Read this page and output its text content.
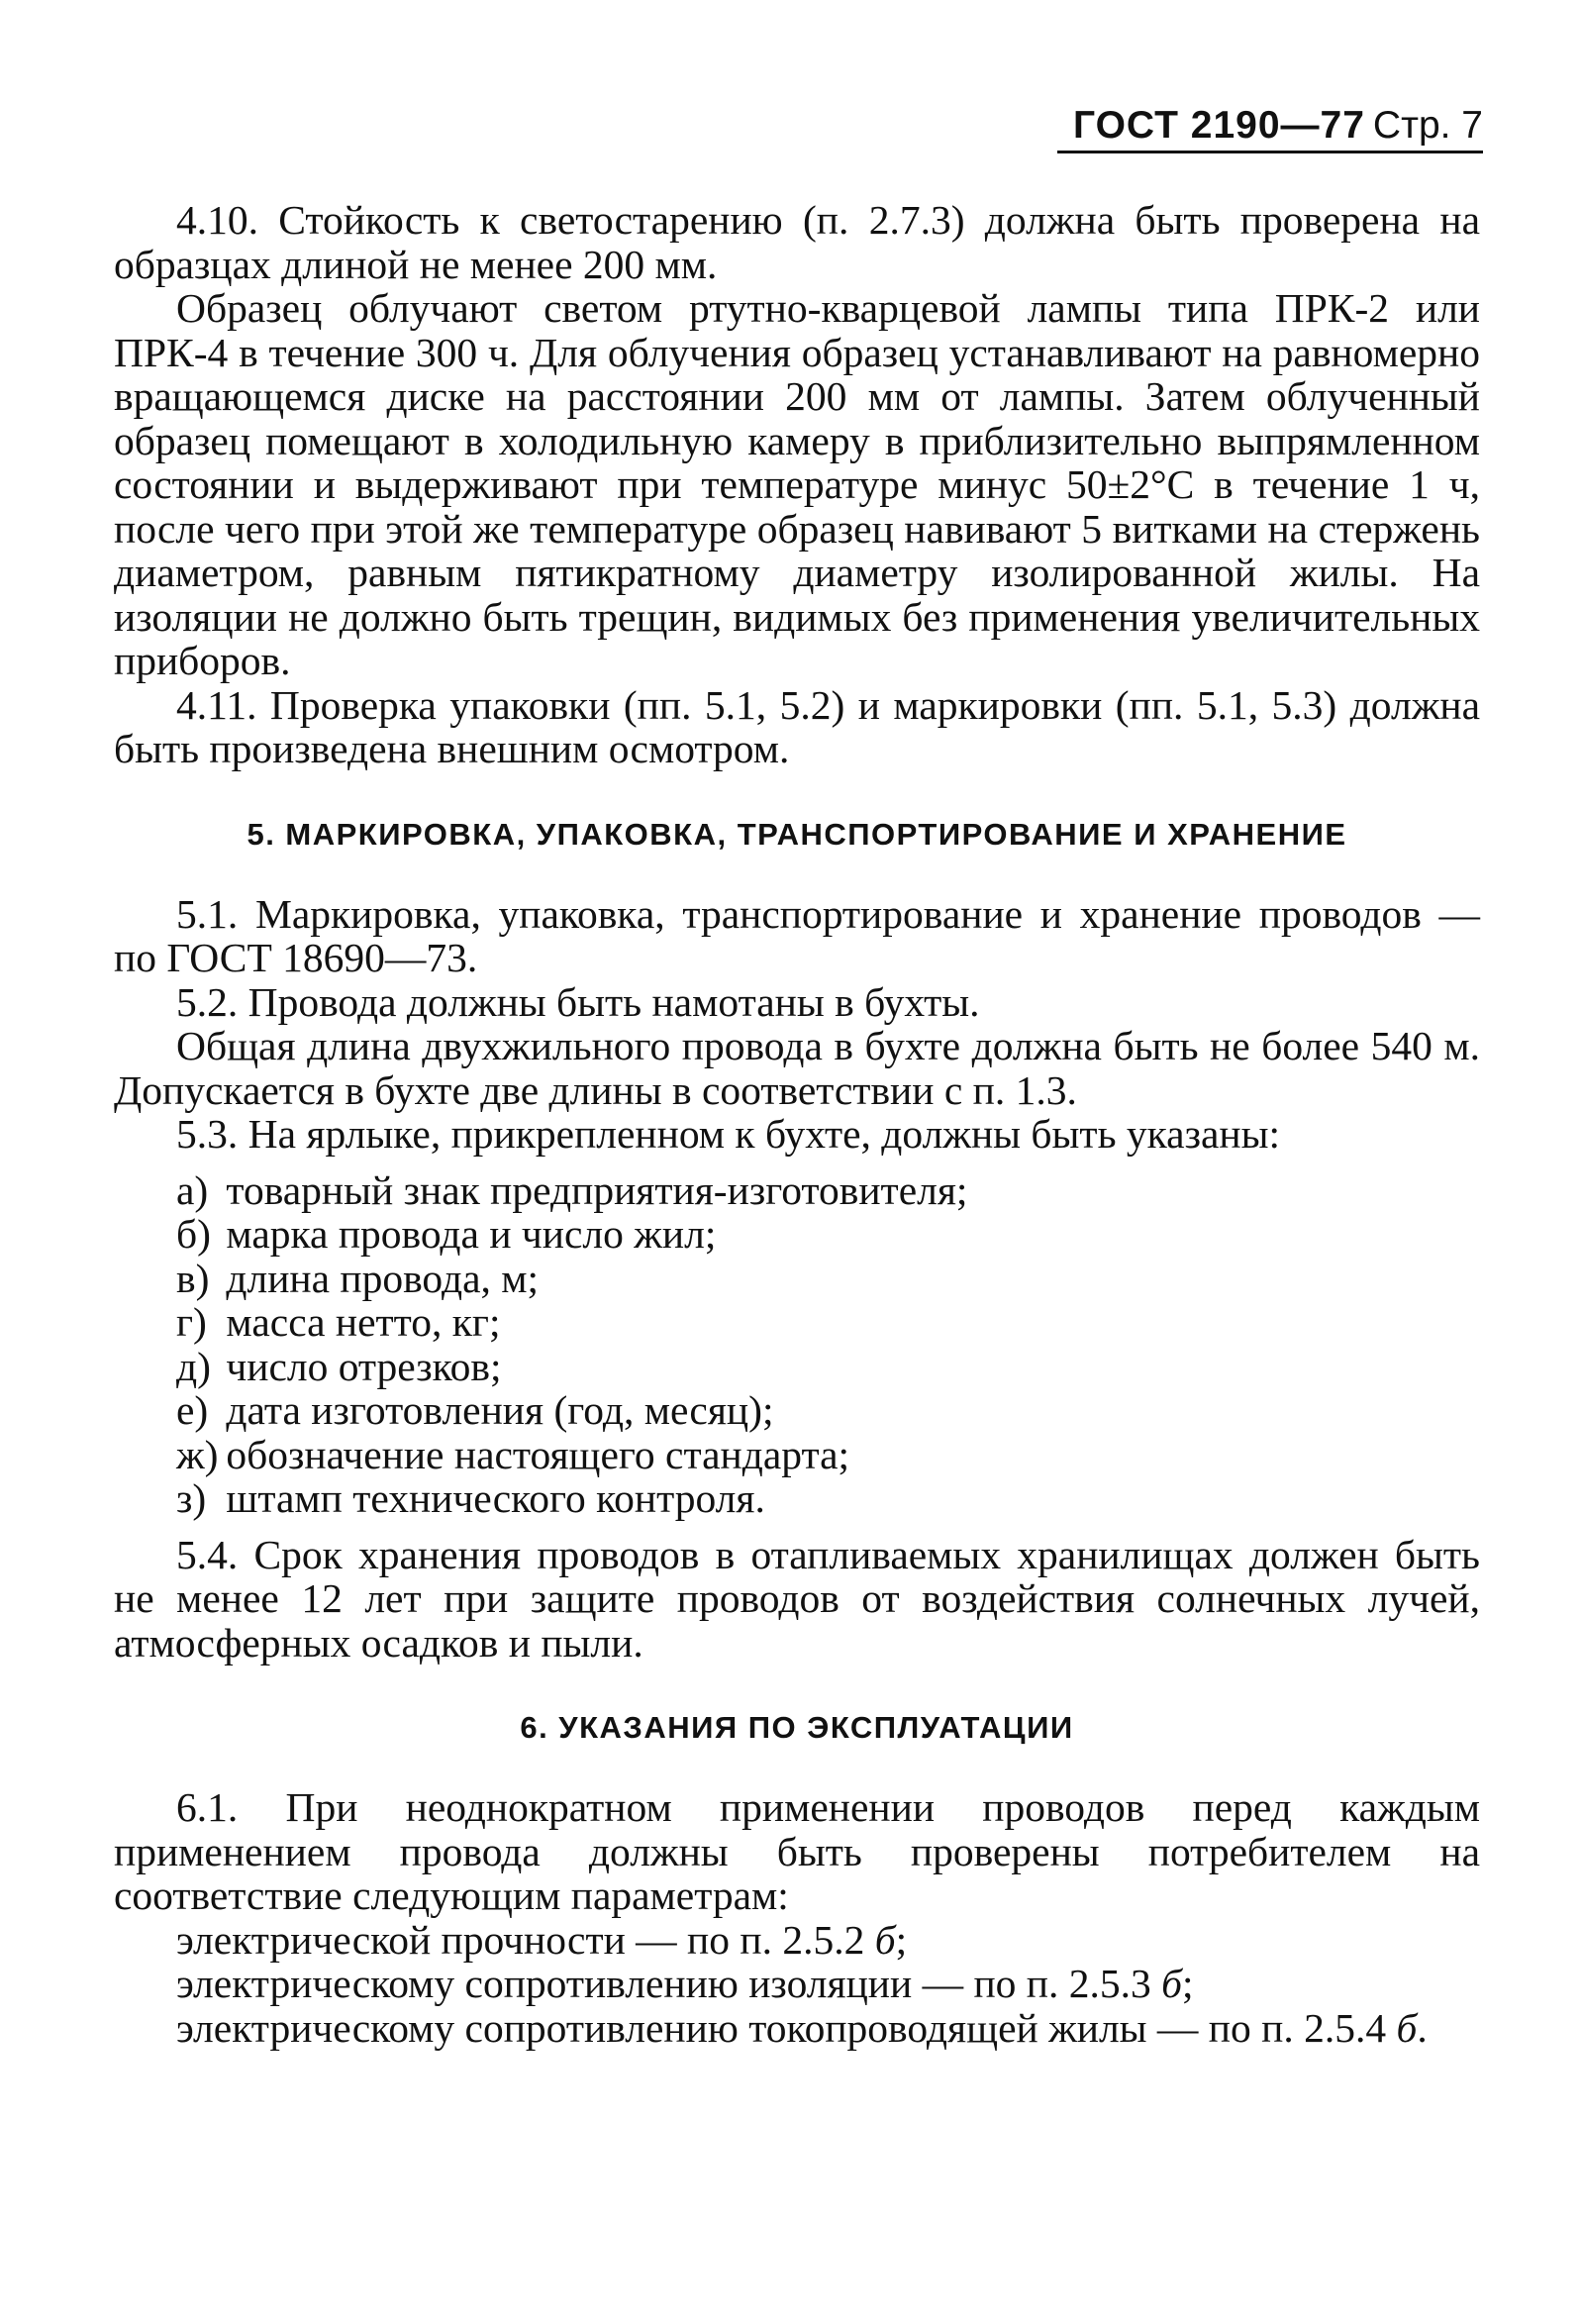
ГОСТ 2190—77 Стр. 7

4.10. Стойкость к светостарению (п. 2.7.3) должна быть проверена на образцах длиной не менее 200 мм.

Образец облучают светом ртутно-кварцевой лампы типа ПРК-2 или ПРК-4 в течение 300 ч. Для облучения образец устанавливают на равномерно вращающемся диске на расстоянии 200 мм от лампы. Затем облученный образец помещают в холодильную камеру в приблизительно выпрямленном состоянии и выдерживают при температуре минус 50±2°C в течение 1 ч, после чего при этой же температуре образец навивают 5 витками на стержень диаметром, равным пятикратному диаметру изолированной жилы. На изоляции не должно быть трещин, видимых без применения увеличительных приборов.

4.11. Проверка упаковки (пп. 5.1, 5.2) и маркировки (пп. 5.1, 5.3) должна быть произведена внешним осмотром.

5. МАРКИРОВКА, УПАКОВКА, ТРАНСПОРТИРОВАНИЕ И ХРАНЕНИЕ

5.1. Маркировка, упаковка, транспортирование и хранение проводов — по ГОСТ 18690—73.

5.2. Провода должны быть намотаны в бухты.

Общая длина двухжильного провода в бухте должна быть не более 540 м. Допускается в бухте две длины в соответствии с п. 1.3.

5.3. На ярлыке, прикрепленном к бухте, должны быть указаны:

а) товарный знак предприятия-изготовителя;
б) марка провода и число жил;
в) длина провода, м;
г) масса нетто, кг;
д) число отрезков;
е) дата изготовления (год, месяц);
ж) обозначение настоящего стандарта;
з) штамп технического контроля.

5.4. Срок хранения проводов в отапливаемых хранилищах должен быть не менее 12 лет при защите проводов от воздействия солнечных лучей, атмосферных осадков и пыли.

6. УКАЗАНИЯ ПО ЭКСПЛУАТАЦИИ

6.1. При неоднократном применении проводов перед каждым применением провода должны быть проверены потребителем на соответствие следующим параметрам:

электрической прочности — по п. 2.5.2 б;

электрическому сопротивлению изоляции — по п. 2.5.3 б;

электрическому сопротивлению токопроводящей жилы — по п. 2.5.4 б.
